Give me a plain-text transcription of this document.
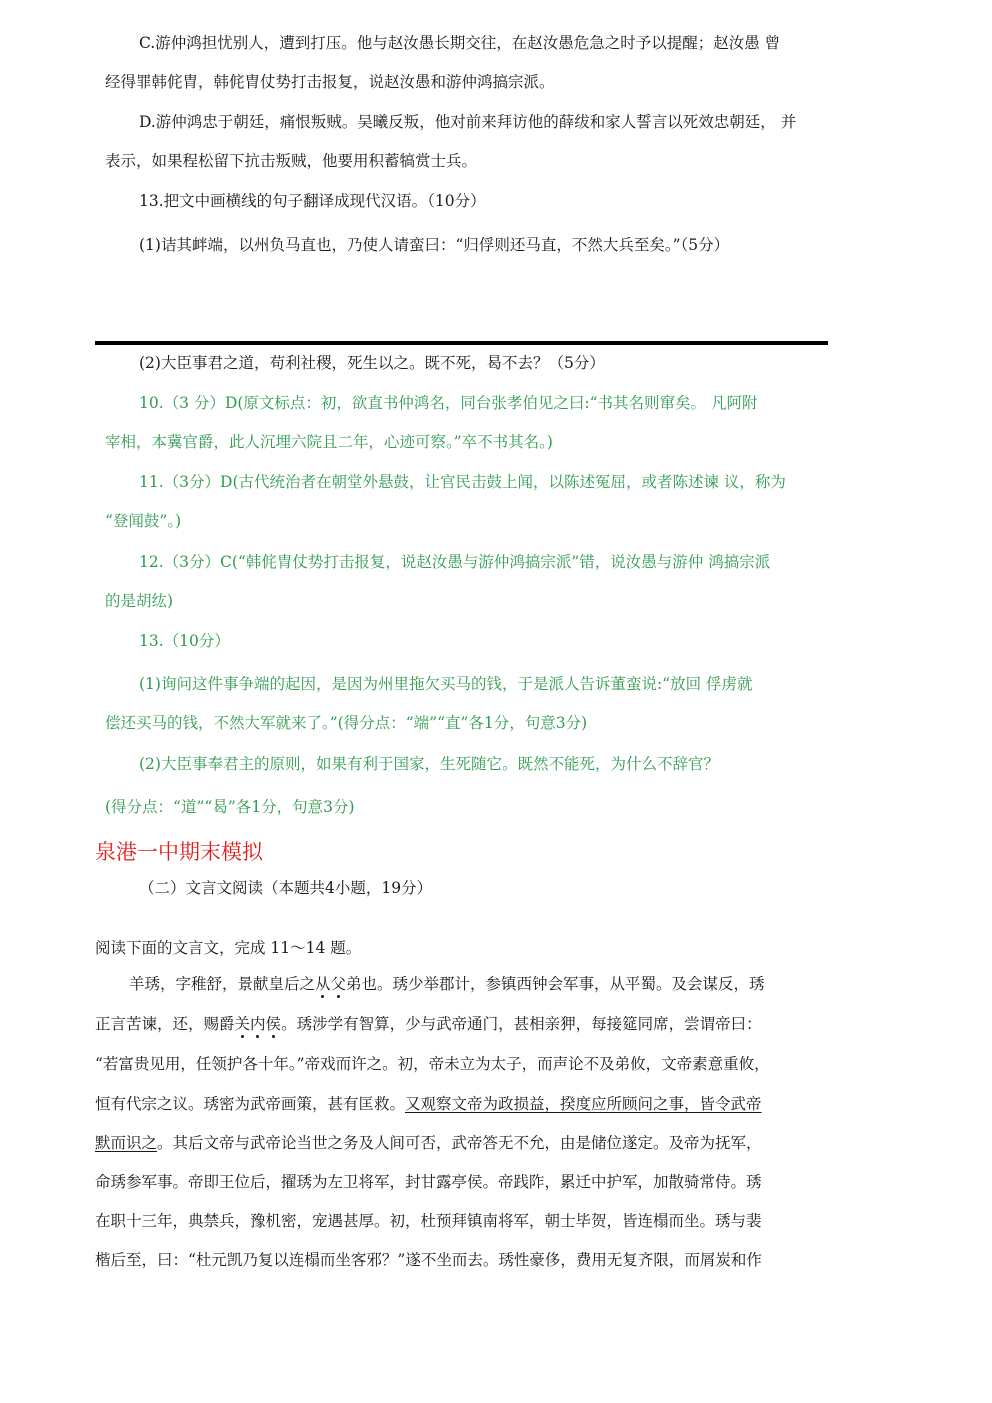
C.游仲鸿担忧别人，遭到打压。他与赵汝愚长期交往，在赵汝愚危急之时予以提醒；赵汝愚 曾
经得罪韩侂胄，韩侂胄仗势打击报复，说赵汝愚和游仲鸿搞宗派。
D.游仲鸿忠于朝廷，痛恨叛贼。吴曦反叛，他对前来拜访他的薛绂和家人誓言以死效忠朝廷， 并
表示，如果程松留下抗击叛贼，他要用积蓄犒赏士兵。
13.把文中画横线的句子翻译成现代汉语。（10分）
(1)诘其衅端，以州负马直也，乃使人请蛮曰：“归俘则还马直，不然大兵至矣。”（5分）
(2)大臣事君之道，苟利社稷，死生以之。既不死，曷不去？（5分）
10.（3 分）D(原文标点：初，欲直书仲鸿名，同台张孝伯见之曰:“书其名则窜矣。 凡阿附
宰相，本冀官爵，此人沉埋六院且二年，心迹可察。”卒不书其名。)
11.（3分）D(古代统治者在朝堂外悬鼓，让官民击鼓上闻，以陈述冤屈，或者陈述谏 议，称为
“登闻鼓”。)
12.（3分）C(“韩侂胄仗势打击报复，说赵汝愚与游仲鸿搞宗派”错，说汝愚与游仲 鸿搞宗派
的是胡纮)
13.（10分）
(1)询问这件事争端的起因，是因为州里拖欠买马的钱，于是派人告诉董蛮说:“放回 俘虏就
偿还买马的钱，不然大军就来了。”(得分点：“端”“直”各1分，句意3分)
(2)大臣事奉君主的原则，如果有利于国家，生死随它。既然不能死，为什么不辞官？
(得分点：“道”“曷”各1分，句意3分)
泉港一中期末模拟
（二）文言文阅读（本题共4小题，19分）
阅读下面的文言文，完成 11～14 题。
羊琇，字稚舒，景献皇后之从父弟也。琇少举郡计，参镇西钟会军事，从平蜀。及会谋反，琇
正言苦谏，还，赐爵关内侯。琇涉学有智算，少与武帝通门，甚相亲狎，每接筵同席，尝谓帝曰：
“若富贵见用，任领护各十年。”帝戏而许之。初，帝未立为太子，而声论不及弟攸，文帝素意重攸，
恒有代宗之议。琇密为武帝画策，甚有匡救。又观察文帝为政损益，揆度应所顾问之事，皆令武帝
默而识之。其后文帝与武帝论当世之务及人间可否，武帝答无不允，由是储位遂定。及帝为抚军，
命琇参军事。帝即王位后，擢琇为左卫将军，封甘露亭侯。帝践阼，累迁中护军，加散骑常侍。琇
在职十三年，典禁兵，豫机密，宠遇甚厚。初，杜预拜镇南将军，朝士毕贺，皆连榻而坐。琇与裴
楷后至，曰：“杜元凯乃复以连榻而坐客邪？”遂不坐而去。琇性豪侈，费用无复齐限，而屑炭和作
